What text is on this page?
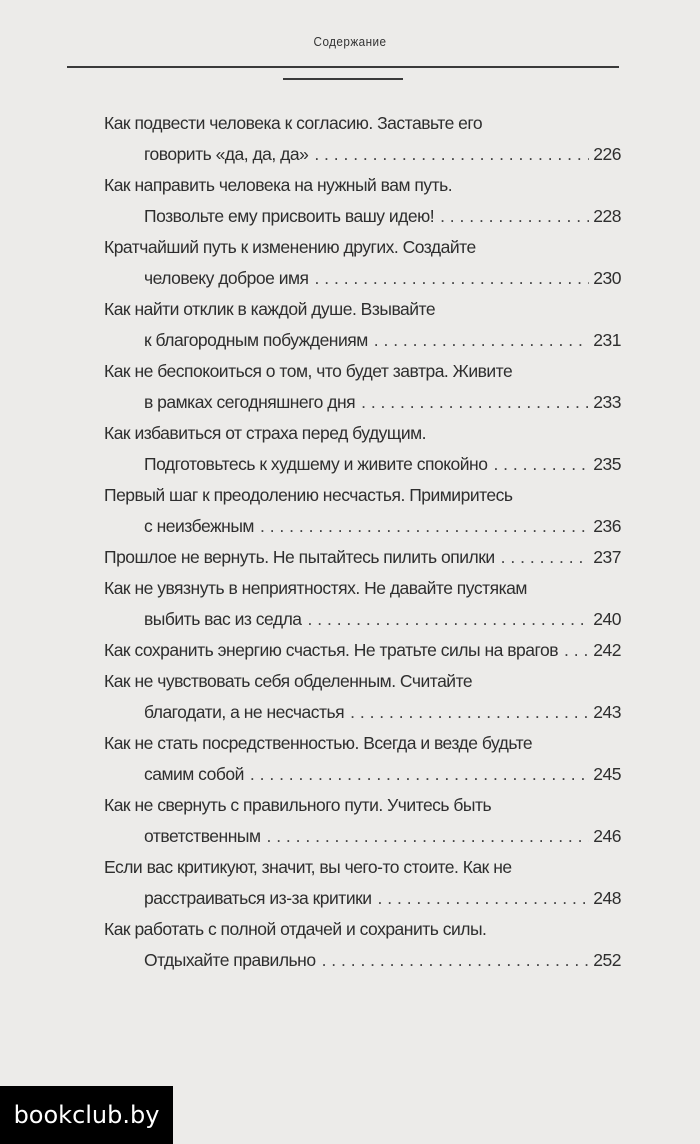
Содержание
Как подвести человека к согласию. Заставьте его
говорить «да, да, да» . . .	226
Как направить человека на нужный вам путь.
Позвольте ему присвоить вашу идею! . . .	228
Кратчайший путь к изменению других. Создайте
человеку доброе имя . . .	230
Как найти отклик в каждой душе. Взывайте
к благородным побуждениям . . .	231
Как не беспокоиться о том, что будет завтра. Живите
в рамках сегодняшнего дня . . .	233
Как избавиться от страха перед будущим.
Подготовьтесь к худшему и живите спокойно . . .	235
Первый шаг к преодолению несчастья. Примиритесь
с неизбежным . . .	236
Прошлое не вернуть. Не пытайтесь пилить опилки . . .	237
Как не увязнуть в неприятностях. Не давайте пустякам
выбить вас из седла . . .	240
Как сохранить энергию счастья. Не тратьте силы на врагов . . . 242
Как не чувствовать себя обделенным. Считайте
благодати, а не несчастья . . .	243
Как не стать посредственностью. Всегда и везде будьте
самим собой . . .	245
Как не свернуть с правильного пути. Учитесь быть
ответственным . . .	246
Если вас критикуют, значит, вы чего-то стоите. Как не
расстраиваться из-за критики . . .	248
Как работать с полной отдачей и сохранить силы.
Отдыхайте правильно . . .	252
bookclub.by
